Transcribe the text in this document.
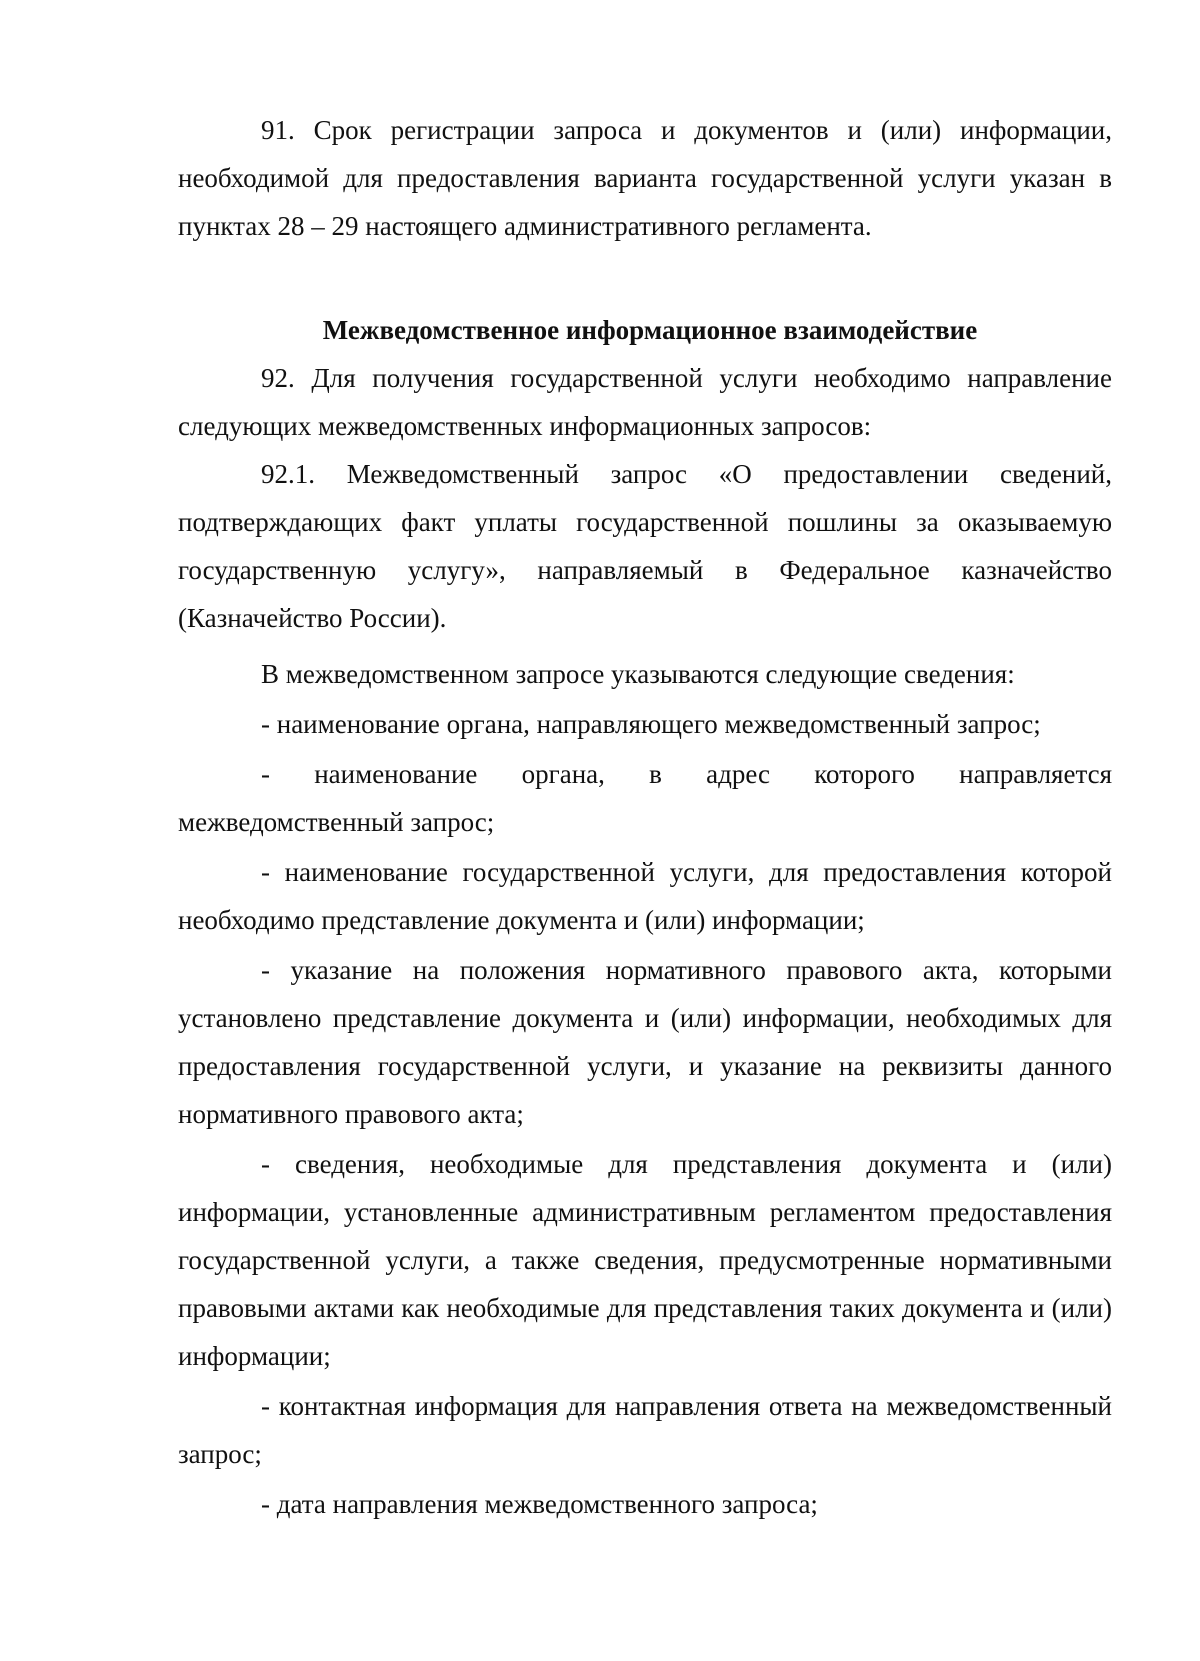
91. Срок регистрации запроса и документов и (или) информации, необходимой для предоставления варианта государственной услуги указан в пунктах 28 – 29 настоящего административного регламента.

Межведомственное информационное взаимодействие

92. Для получения государственной услуги необходимо направление следующих межведомственных информационных запросов:

92.1. Межведомственный запрос «О предоставлении сведений, подтверждающих факт уплаты государственной пошлины за оказываемую государственную услугу», направляемый в Федеральное казначейство (Казначейство России).

В межведомственном запросе указываются следующие сведения:

- наименование органа, направляющего межведомственный запрос;

- наименование органа, в адрес которого направляется межведомственный запрос;

- наименование государственной услуги, для предоставления которой необходимо представление документа и (или) информации;

- указание на положения нормативного правового акта, которыми установлено представление документа и (или) информации, необходимых для предоставления государственной услуги, и указание на реквизиты данного нормативного правового акта;

- сведения, необходимые для представления документа и (или) информации, установленные административным регламентом предоставления государственной услуги, а также сведения, предусмотренные нормативными правовыми актами как необходимые для представления таких документа и (или) информации;

- контактная информация для направления ответа на межведомственный запрос;

- дата направления межведомственного запроса;
